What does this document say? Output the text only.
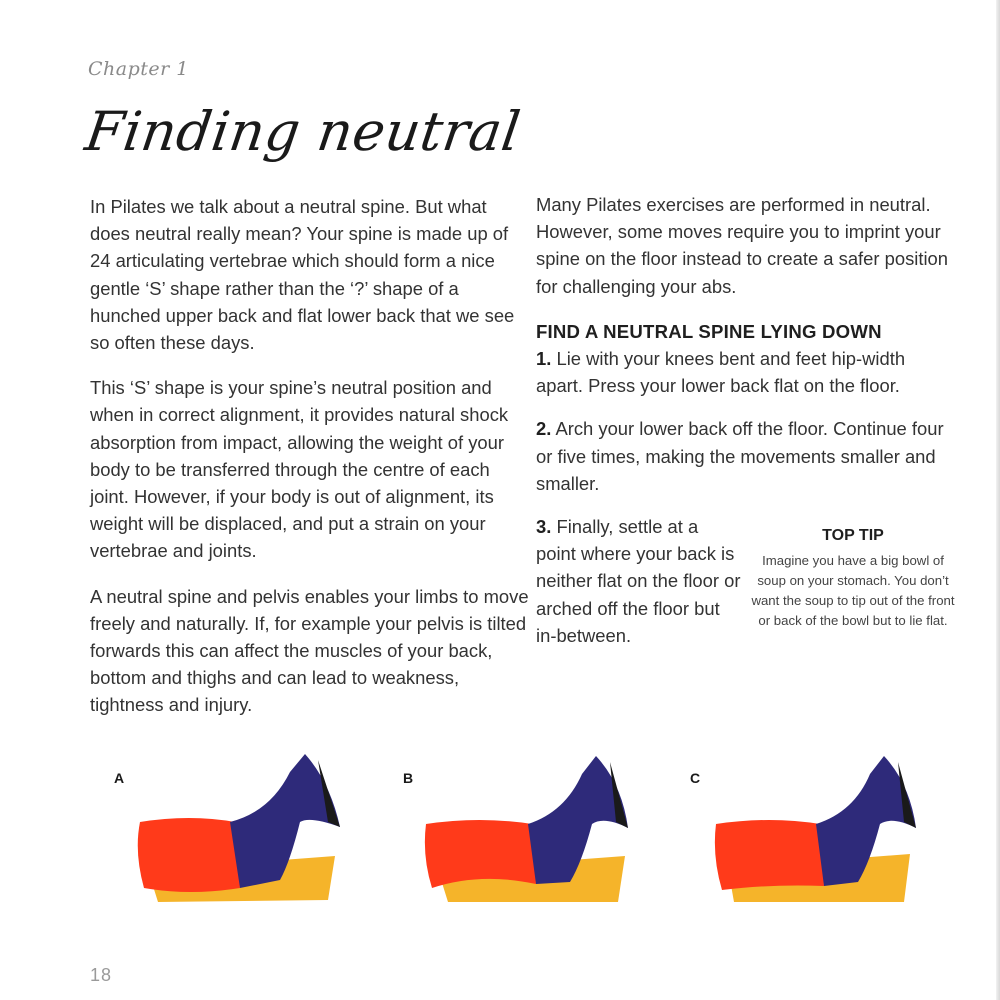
Chapter 1
Finding neutral

In Pilates we talk about a neutral spine. But what does neutral really mean? Your spine is made up of 24 articulating vertebrae which should form a nice gentle ‘S’ shape rather than the ‘?’ shape of a hunched upper back and flat lower back that we see so often these days.

This ‘S’ shape is your spine’s neutral position and when in correct alignment, it provides natural shock absorption from impact, allowing the weight of your body to be transferred through the centre of each joint. However, if your body is out of alignment, its weight will be displaced, and put a strain on your vertebrae and joints.

A neutral spine and pelvis enables your limbs to move freely and naturally. If, for example your pelvis is tilted forwards this can affect the muscles of your back, bottom and thighs and can lead to weakness, tightness and injury.

Many Pilates exercises are performed in neutral. However, some moves require you to imprint your spine on the floor instead to create a safer position for challenging your abs.

FIND A NEUTRAL SPINE LYING DOWN

1. Lie with your knees bent and feet hip-width apart. Press your lower back flat on the floor.

2. Arch your lower back off the floor. Continue four or five times, making the movements smaller and smaller.

3. Finally, settle at a point where your back is neither flat on the floor or arched off the floor but in-between.

TOP TIP
Imagine you have a big bowl of soup on your stomach. You don’t want the soup to tip out of the front or back of the bowl but to lie flat.
A	B	C
18
